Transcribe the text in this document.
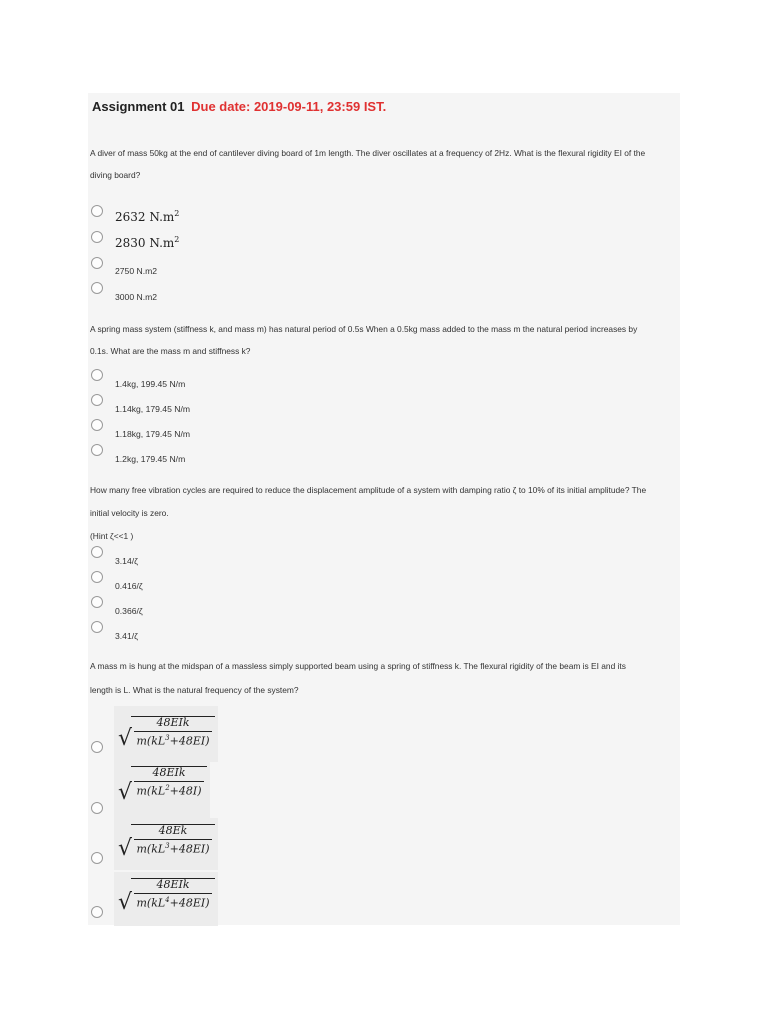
Assignment 01 Due date: 2019-09-11, 23:59 IST.
A diver of mass 50kg at the end of cantilever diving board of 1m length. The diver oscillates at a frequency of 2Hz. What is the flexural rigidity EI of the
diving board?
2632 $N.m^2$
2830 $N.m^2$
2750 N.m2
3000 N.m2
A spring mass system (stiffness k, and mass m) has natural period of 0.5s When a 0.5kg mass added to the mass m the natural period increases by
0.1s. What are the mass m and stiffness k?
1.4kg, 199.45 N/m
1.14kg, 179.45 N/m
1.18kg, 179.45 N/m
1.2kg, 179.45 N/m
How many free vibration cycles are required to reduce the displacement amplitude of a system with damping ratio ζ to 10% of its initial amplitude? The
initial velocity is zero.
(Hint ζ<<1 )
3.14/ζ
0.416/ζ
0.366/ζ
3.41/ζ
A mass m is hung at the midspan of a massless simply supported beam using a spring of stiffness k. The flexural rigidity of the beam is EI and its
length is L. What is the natural frequency of the system?
√
48EIk
$m(kL^3+48EI)$
√
48EIk
$m(kL^2+48I)$
√
48Ek
$m(kL^3+48EI)$
√
48EIk
$m(kL^4+48EI)$
